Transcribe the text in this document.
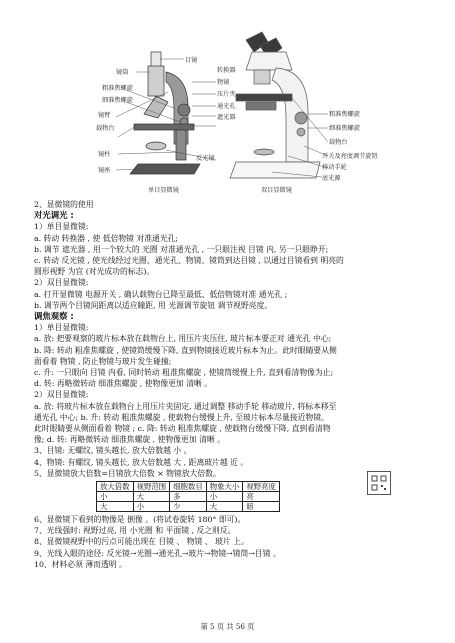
目镜
镜筒
粗准焦螺旋
细准焦螺旋
镜臂
载物台
镜柱
镜座
转换器
物镜
压片夹
通光孔
遮光器
反光镜
粗准焦螺旋
细准焦螺旋
载物台
开关及亮度调节旋钮
移动手轮
底光源
单目显微镜	双目显微镜
2、显微镜的使用
对光调光 :
1）单目显微镜:
a. 转动 转换器 , 使 低倍物镜 对准通光孔;
b. 调节 遮光器 , 用一个较大的 光圈 对准通光孔 , 一只眼注视 目镜 内, 另一只眼睁开;
c. 转动 反光镜 , 使光线经过光圈、通光孔、物镜、镜筒到达目镜 , 以通过目镜看到 明亮的
圆形视野 为宜 (对光成功的标志)。
2）双目显微镜:
a. 打开显微镜 电源开关 , 确认载物台已降至最低、低倍物镜对准 通光孔 ;
b. 调节两个目镜间距离以适应瞳距, 用 光源调节旋钮 调节视野亮度。
调焦观察 :
1）单目显微镜:
a. 放: 把要观察的玻片标本放在载物台上, 用压片夹压住, 玻片标本要正对 通光孔 中心;
b. 降: 转动 粗准焦螺旋 , 使镜筒缓慢下降, 直到物镜接近玻片标本为止。此时眼睛要从侧
面看着 物镜 , 防止物镜与玻片发生碰撞;
c. 升: 一只眼向 目镜 内看, 同时转动 粗准焦螺旋 , 使镜筒缓慢上升, 直到看清物像为止;
d. 转: 再略微转动 细准焦螺旋 , 使物像更加 清晰 。
2）双目显微镜:
a. 放: 将玻片标本放在载物台上用压片夹固定, 通过调整 移动手轮 移动玻片, 将标本移至
通光孔 中心; b. 升: 转动 粗准焦螺旋 , 使载物台缓慢上升, 至玻片标本尽量接近物镜。
此时眼睛要从侧面看着 物镜 ; c. 降: 转动 粗准焦螺旋 , 使载物台缓慢下降, 直到看清物
像; d. 转: 再略微转动 细准焦螺旋 , 使物像更加 清晰 。
3、目镜: 无螺纹, 镜头越长, 放大倍数越 小 。
4、物镜: 有螺纹, 镜头越长, 放大倍数越 大 , 距离玻片越 近 。
5、显微镜放大倍数=目镜放大倍数 × 物镜放大倍数。
放大倍数	视野范围	细胞数目	物象大小	视野亮度
小	大	多	小	亮
大	小	少	大	暗
6、显微镜下看到的物像是 倒像 。(将试卷旋转 180° 即可)。
7、光线强时: 视野过亮, 用 小光圈 和 平面镜 , 反之则反。
8、显微镜视野中的污点可能出现在 目镜 、 物镜 、 玻片 上。
9、光线入眼的途径: 反光镜→光圈→通光孔→玻片→物镜→镜筒→目镜 。
10、材料必须 薄而透明 。
第 5 页 共 56 页
